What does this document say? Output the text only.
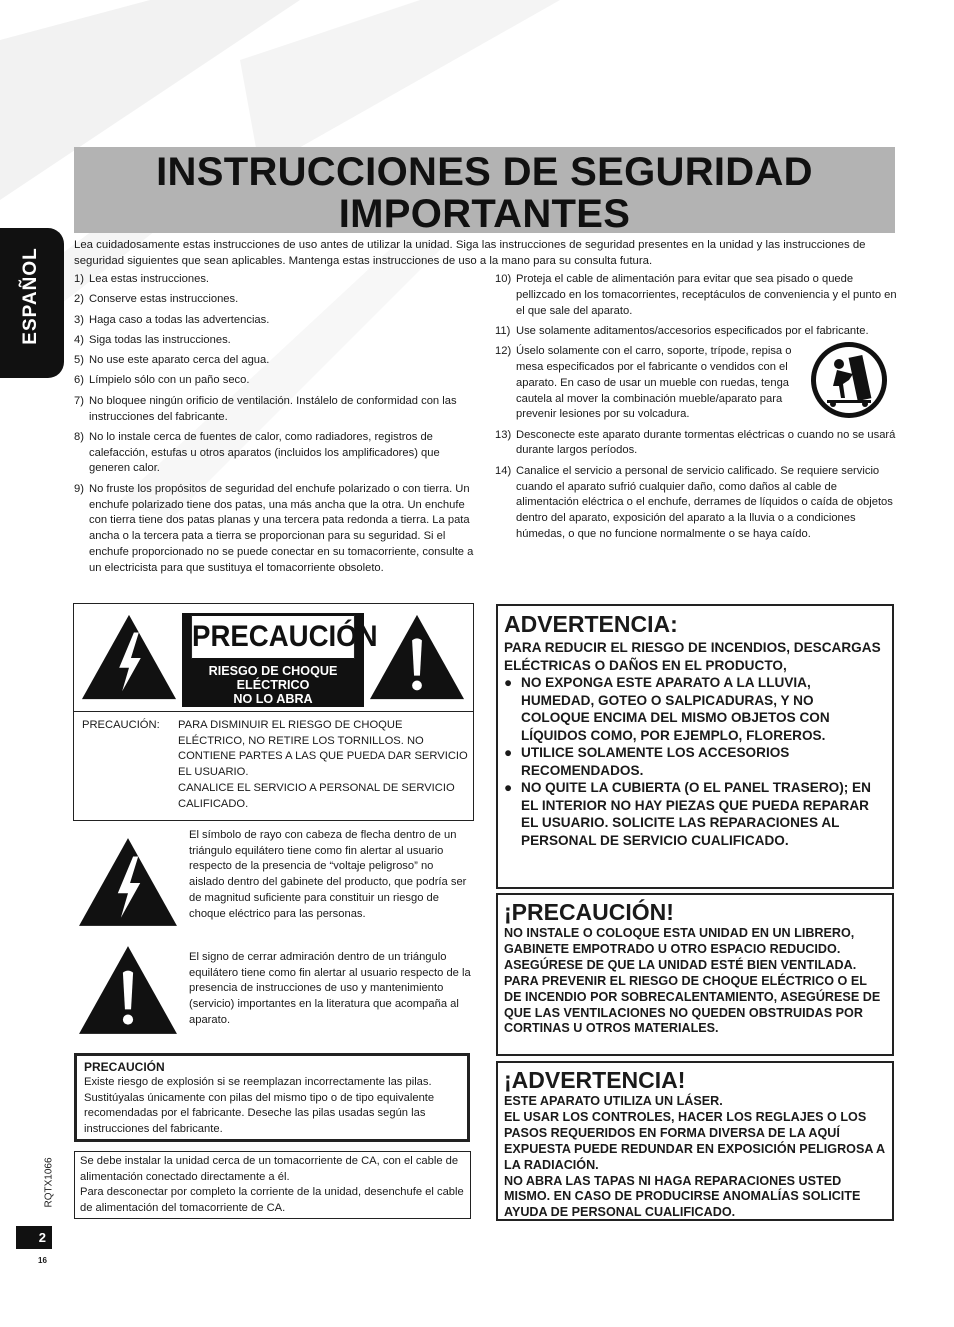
INSTRUCCIONES DE SEGURIDAD
IMPORTANTES
ESPAÑOL
Lea cuidadosamente estas instrucciones de uso antes de utilizar la unidad. Siga las instrucciones de seguridad presentes en la unidad y las instrucciones de seguridad siguientes que sean aplicables. Mantenga estas instrucciones de uso a la mano para su consulta futura.
1) Lea estas instrucciones.
2) Conserve estas instrucciones.
3) Haga caso a todas las advertencias.
4) Siga todas las instrucciones.
5) No use este aparato cerca del agua.
6) Límpielo sólo con un paño seco.
7) No bloquee ningún orificio de ventilación. Instálelo de conformidad con las instrucciones del fabricante.
8) No lo instale cerca de fuentes de calor, como radiadores, registros de calefacción, estufas u otros aparatos (incluidos los amplificadores) que generen calor.
9) No fruste los propósitos de seguridad del enchufe polarizado o con tierra. Un enchufe polarizado tiene dos patas, una más ancha que la otra. Un enchufe con tierra tiene dos patas planas y una tercera pata redonda a tierra. La pata ancha o la tercera pata a tierra se proporcionan para su seguridad. Si el enchufe proporcionado no se puede conectar en su tomacorriente, consulte a un electricista para que sustituya el tomacorriente obsoleto.
10) Proteja el cable de alimentación para evitar que sea pisado o quede pellizcado en los tomacorrientes, receptáculos de conveniencia y el punto en el que sale del aparato.
11) Use solamente aditamentos/accesorios especificados por el fabricante.
12) Úselo solamente con el carro, soporte, trípode, repisa o mesa especificados por el fabricante o vendidos con el aparato. En caso de usar un mueble con ruedas, tenga cautela al mover la combinación mueble/aparato para prevenir lesiones por su volcadura.
13) Desconecte este aparato durante tormentas eléctricas o cuando no se usará durante largos períodos.
14) Canalice el servicio a personal de servicio calificado. Se requiere servicio cuando el aparato sufrió cualquier daño, como daños al cable de alimentación eléctrica o el enchufe, derrames de líquidos o caída de objetos dentro del aparato, exposición del aparato a la lluvia o a condiciones húmedas, o que no funcione normalmente o se haya caído.
PRECAUCIÓN
RIESGO DE CHOQUE
ELÉCTRICO
NO LO ABRA
PRECAUCIÓN: PARA DISMINUIR EL RIESGO DE CHOQUE ELÉCTRICO, NO RETIRE LOS TORNILLOS. NO CONTIENE PARTES A LAS QUE PUEDA DAR SERVICIO EL USUARIO.
CANALICE EL SERVICIO A PERSONAL DE SERVICIO CALIFICADO.
El símbolo de rayo con cabeza de flecha dentro de un triángulo equilátero tiene como fin alertar al usuario respecto de la presencia de “voltaje peligroso” no aislado dentro del gabinete del producto, que podría ser de magnitud suficiente para constituir un riesgo de choque eléctrico para las personas.
El signo de cerrar admiración dentro de un triángulo equilátero tiene como fin alertar al usuario respecto de la presencia de instrucciones de uso y mantenimiento (servicio) importantes en la literatura que acompaña al aparato.
PRECAUCIÓN
Existe riesgo de explosión si se reemplazan incorrectamente las pilas. Sustitúyalas únicamente con pilas del mismo tipo o de tipo equivalente recomendadas por el fabricante. Deseche las pilas usadas según las instrucciones del fabricante.
Se debe instalar la unidad cerca de un tomacorriente de CA, con el cable de alimentación conectado directamente a él.
Para desconectar por completo la corriente de la unidad, desenchufe el cable de alimentación del tomacorriente de CA.
ADVERTENCIA:
PARA REDUCIR EL RIESGO DE INCENDIOS, DESCARGAS ELÉCTRICAS O DAÑOS EN EL PRODUCTO,
● NO EXPONGA ESTE APARATO A LA LLUVIA, HUMEDAD, GOTEO O SALPICADURAS, Y NO COLOQUE ENCIMA DEL MISMO OBJETOS CON LÍQUIDOS COMO, POR EJEMPLO, FLOREROS.
● UTILICE SOLAMENTE LOS ACCESORIOS RECOMENDADOS.
● NO QUITE LA CUBIERTA (O EL PANEL TRASERO); EN EL INTERIOR NO HAY PIEZAS QUE PUEDA REPARAR EL USUARIO. SOLICITE LAS REPARACIONES AL PERSONAL DE SERVICIO CUALIFICADO.
¡PRECAUCIÓN!
NO INSTALE O COLOQUE ESTA UNIDAD EN UN LIBRERO, GABINETE EMPOTRADO U OTRO ESPACIO REDUCIDO. ASEGÚRESE DE QUE LA UNIDAD ESTÉ BIEN VENTILADA. PARA PREVENIR EL RIESGO DE CHOQUE ELÉCTRICO O EL DE INCENDIO POR SOBRECALENTAMIENTO, ASEGÚRESE DE QUE LAS VENTILACIONES NO QUEDEN OBSTRUIDAS POR CORTINAS U OTROS MATERIALES.
¡ADVERTENCIA!
ESTE APARATO UTILIZA UN LÁSER.
EL USAR LOS CONTROLES, HACER LOS REGLAJES O LOS PASOS REQUERIDOS EN FORMA DIVERSA DE LA AQUÍ EXPUESTA PUEDE REDUNDAR EN EXPOSICIÓN PELIGROSA A LA RADIACIÓN.
NO ABRA LAS TAPAS NI HAGA REPARACIONES USTED MISMO. EN CASO DE PRODUCIRSE ANOMALÍAS SOLICITE AYUDA DE PERSONAL CUALIFICADO.
RQTX1066
2
16
